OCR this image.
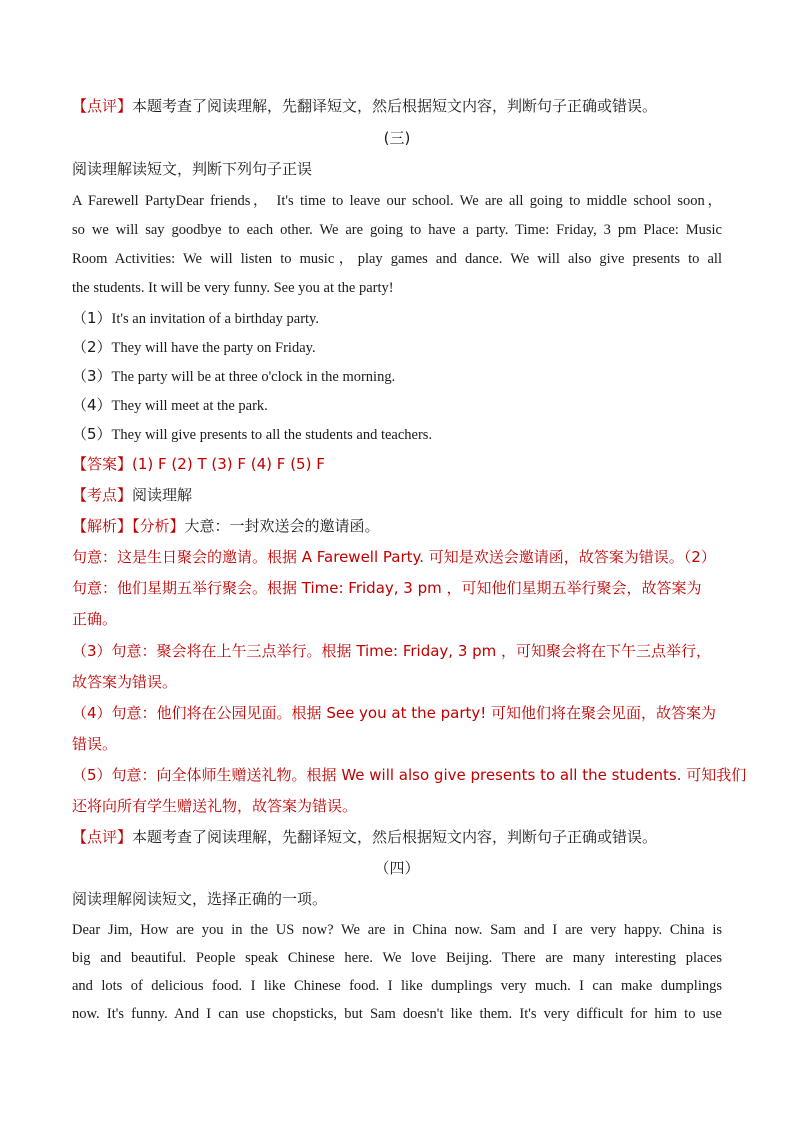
【点评】本题考查了阅读理解，先翻译短文，然后根据短文内容，判断句子正确或错误。
(三)
阅读理解读短文，判断下列句子正误
A Farewell PartyDear friends， It's time to leave our school. We are all going to middle school soon，
so we will say goodbye to each other. We are going to have a party. Time: Friday, 3 pm Place: Music
Room Activities: We will listen to music，play games and dance. We will also give presents to all
the students. It will be very funny. See you at the party!
（1）It's an invitation of a birthday party.
（2）They will have the party on Friday.
（3）The party will be at three o'clock in the morning.
（4）They will meet at the park.
（5）They will give presents to all the students and teachers.
【答案】(1) F (2) T (3) F (4) F (5) F
【考点】阅读理解
【解析】【分析】大意：一封欢送会的邀请函。
句意：这是生日聚会的邀请。根据 A Farewell Party. 可知是欢送会邀请函，故答案为错误。（2）
句意：他们星期五举行聚会。根据 Time: Friday, 3 pm ，可知他们星期五举行聚会，故答案为
正确。
（3）句意：聚会将在上午三点举行。根据 Time: Friday, 3 pm ，可知聚会将在下午三点举行，
故答案为错误。
（4）句意：他们将在公园见面。根据 See you at the party! 可知他们将在聚会见面，故答案为
错误。
（5）句意：向全体师生赠送礼物。根据 We will also give presents to all the students. 可知我们
还将向所有学生赠送礼物，故答案为错误。
【点评】本题考查了阅读理解，先翻译短文，然后根据短文内容，判断句子正确或错误。
（四）
阅读理解阅读短文，选择正确的一项。
Dear Jim, How are you in the US now? We are in China now. Sam and I are very happy. China is
big and beautiful. People speak Chinese here. We love Beijing. There are many interesting places
and lots of delicious food. I like Chinese food. I like dumplings very much. I can make dumplings
now. It's funny. And I can use chopsticks, but Sam doesn't like them. It's very difficult for him to use
